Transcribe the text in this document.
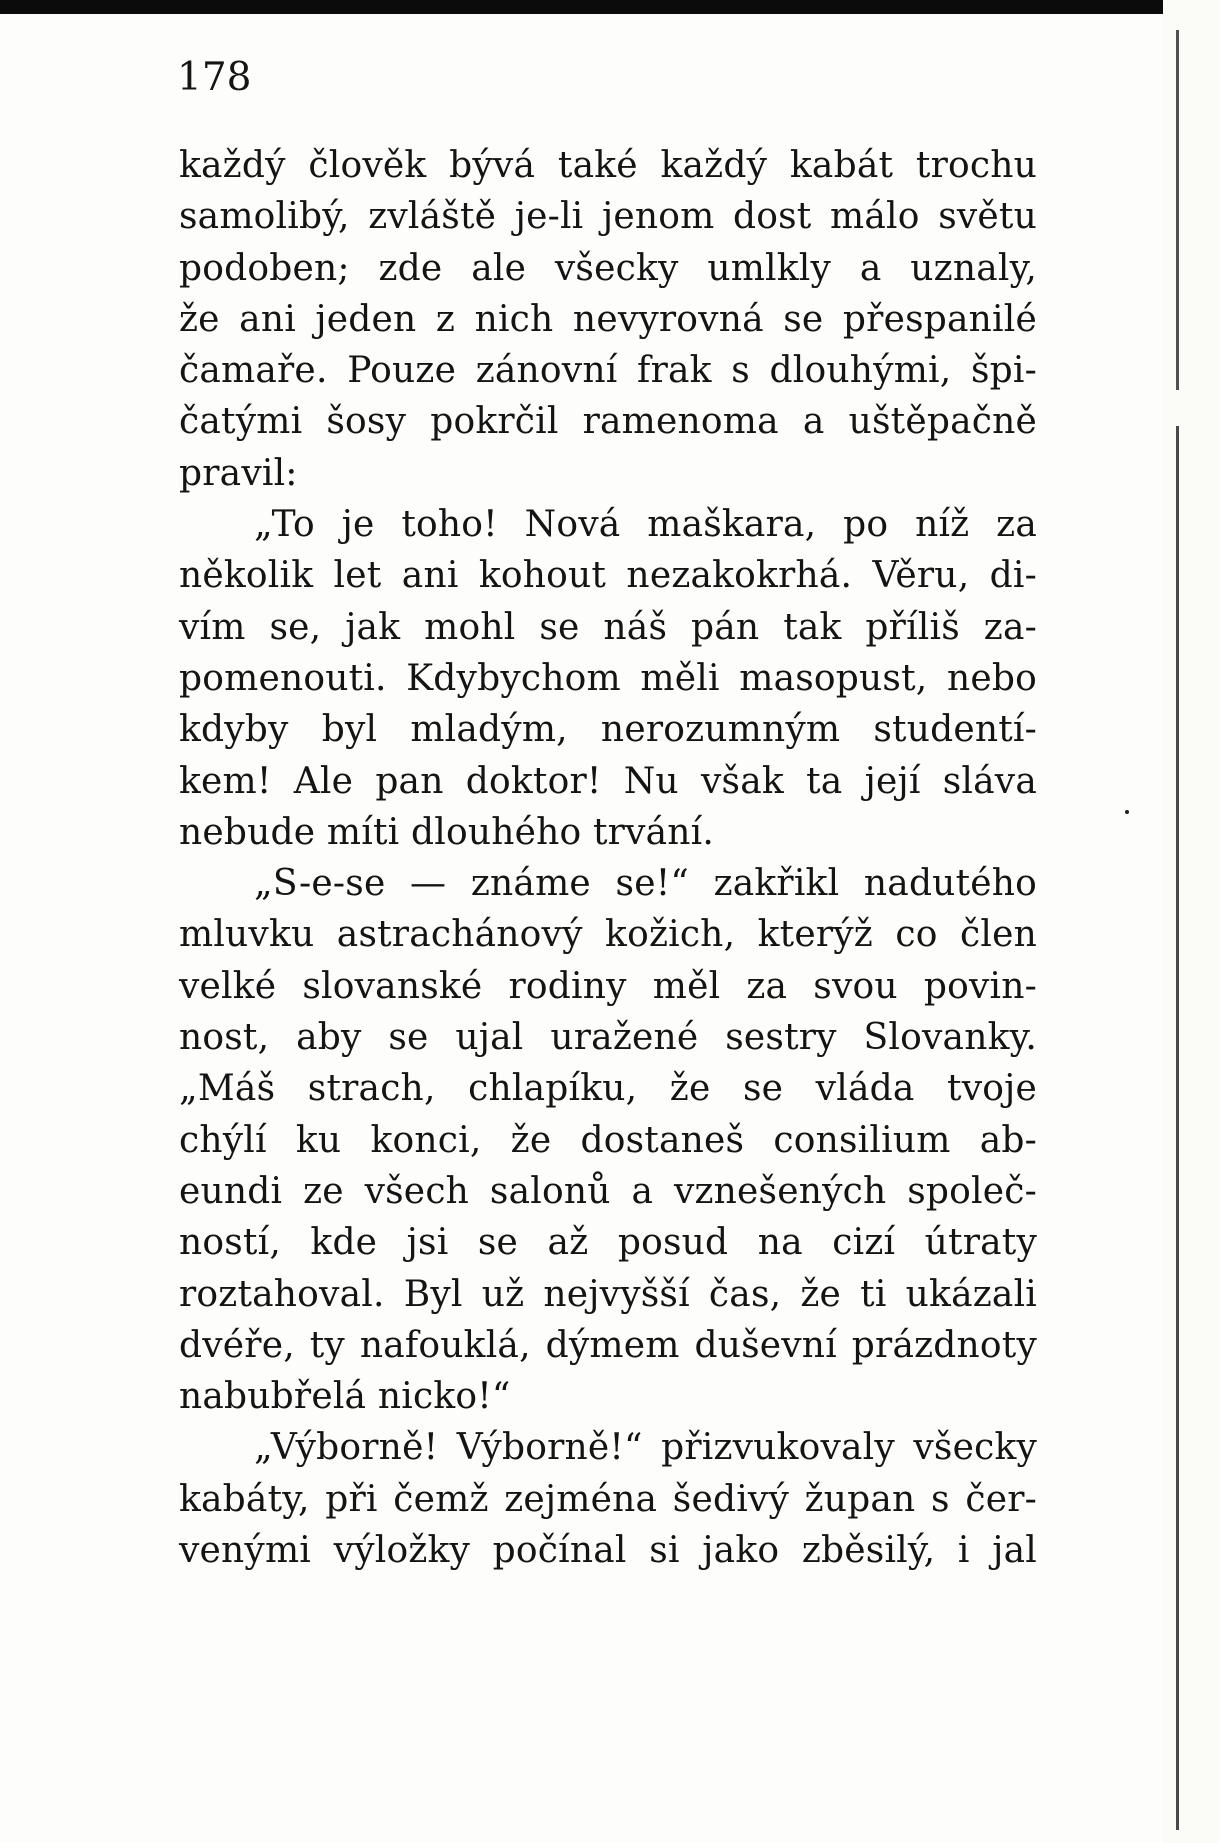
178

každý člověk bývá také každý kabát trochu
samolibý, zvláště je-li jenom dost málo světu
podoben; zde ale všecky umlkly a uznaly,
že ani jeden z nich nevyrovná se přespanilé
čamaře. Pouze zánovní frak s dlouhými, špi-
čatými šosy pokrčil ramenoma a uštěpačně
pravil:
„To je toho! Nová maškara, po níž za
několik let ani kohout nezakokrhá. Věru, di-
vím se, jak mohl se náš pán tak příliš za-
pomenouti. Kdybychom měli masopust, nebo
kdyby byl mladým, nerozumným studentí-
kem! Ale pan doktor! Nu však ta její sláva
nebude míti dlouhého trvání.
„S-e-se — známe se!“ zakřikl nadutého
mluvku astrachánový kožich, kterýž co člen
velké slovanské rodiny měl za svou povin-
nost, aby se ujal uražené sestry Slovanky.
„Máš strach, chlapíku, že se vláda tvoje
chýlí ku konci, že dostaneš consilium ab-
eundi ze všech salonů a vznešených společ-
ností, kde jsi se až posud na cizí útraty
roztahoval. Byl už nejvyšší čas, že ti ukázali
dvéře, ty nafouklá, dýmem duševní prázdnoty
nabubřelá nicko!“
„Výborně! Výborně!“ přizvukovaly všecky
kabáty, při čemž zejména šedivý župan s čer-
venými výložky počínal si jako zběsilý, i jal
